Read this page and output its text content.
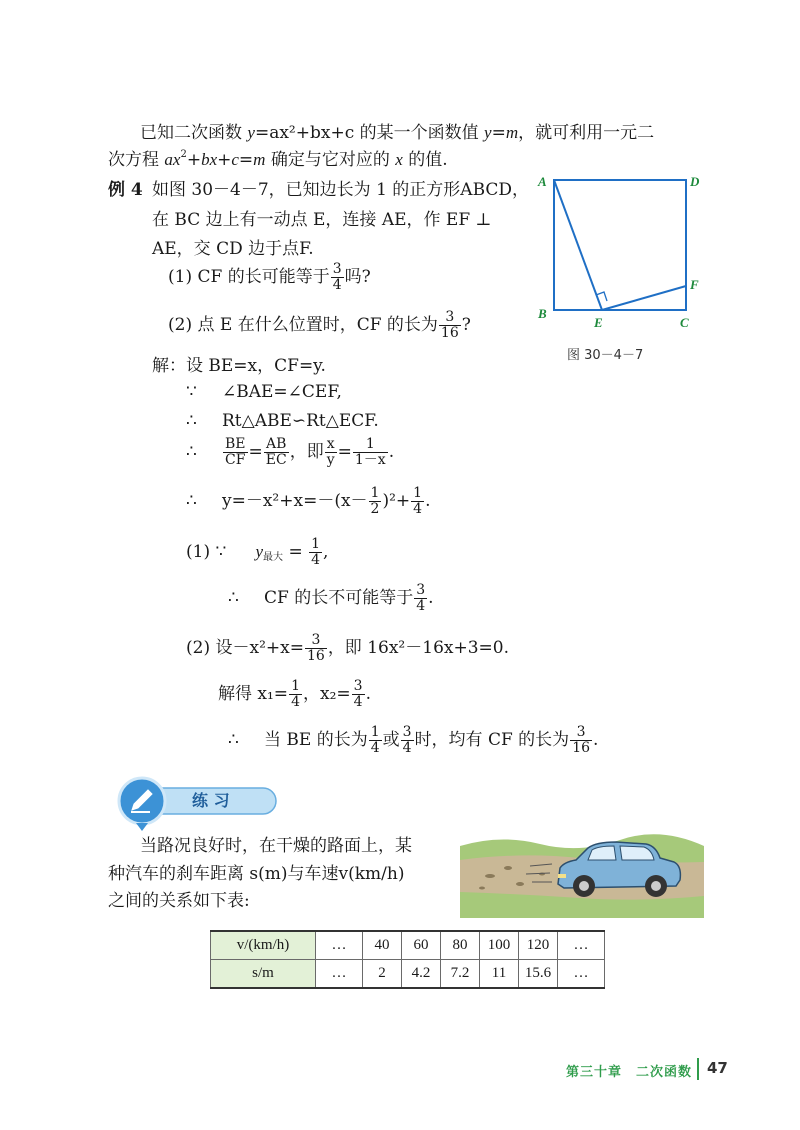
已知二次函数 y=ax²+bx+c 的某一个函数值 y=m，就可利用一元二
次方程 $ax^2+bx+c=m$ 确定与它对应的 x 的值.
例 4 如图 30－4－7，已知边长为 1 的正方形ABCD，
在 BC 边上有一动点 E，连接 AE，作 EF ⊥
AE，交 CD 边于点F.
(1) CF 的长可能等于 $\frac{3}{4}$ 吗?
(2) 点 E 在什么位置时，CF 的长为 $\frac{3}{16}$ ?
A	D
B
E	C
F
图 30－4－7
解：设 BE=x，CF=y.
∵ ∠BAE=∠CEF,
∴ Rt△ABE∽Rt△ECF.
∴ $\frac{BE}{CF} = \frac{AB}{EC}$ ，即 $\frac{x}{y} = \frac{1}{1-x}$ .
∴ $y=-x^2+x=-(x- \frac{1}{2} )^2+ \frac{1}{4}$ .
(1) ∵ $y_{最大} = \frac{1}{4}$ ,
∴ CF 的长不可能等于 $\frac{3}{4}$ .
(2) 设$-x^2+x= \frac{3}{16}$ ，即 16x²－16x+3=0.
解得 $x_1= \frac{1}{4}$ ，$x_2= \frac{3}{4}$ .
∴ 当 BE 的长为 $\frac{1}{4}$ 或 $\frac{3}{4}$ 时，均有 CF 的长为 $\frac{3}{16}$ .
练 习
当路况良好时，在干燥的路面上，某
种汽车的刹车距离 s(m)与车速v(km/h)
之间的关系如下表:
v/(km/h)	…	40	60	80	100	120	…
s/m	…	2	4.2	7.2	11	15.6	…
第三十章　二次函数 47
